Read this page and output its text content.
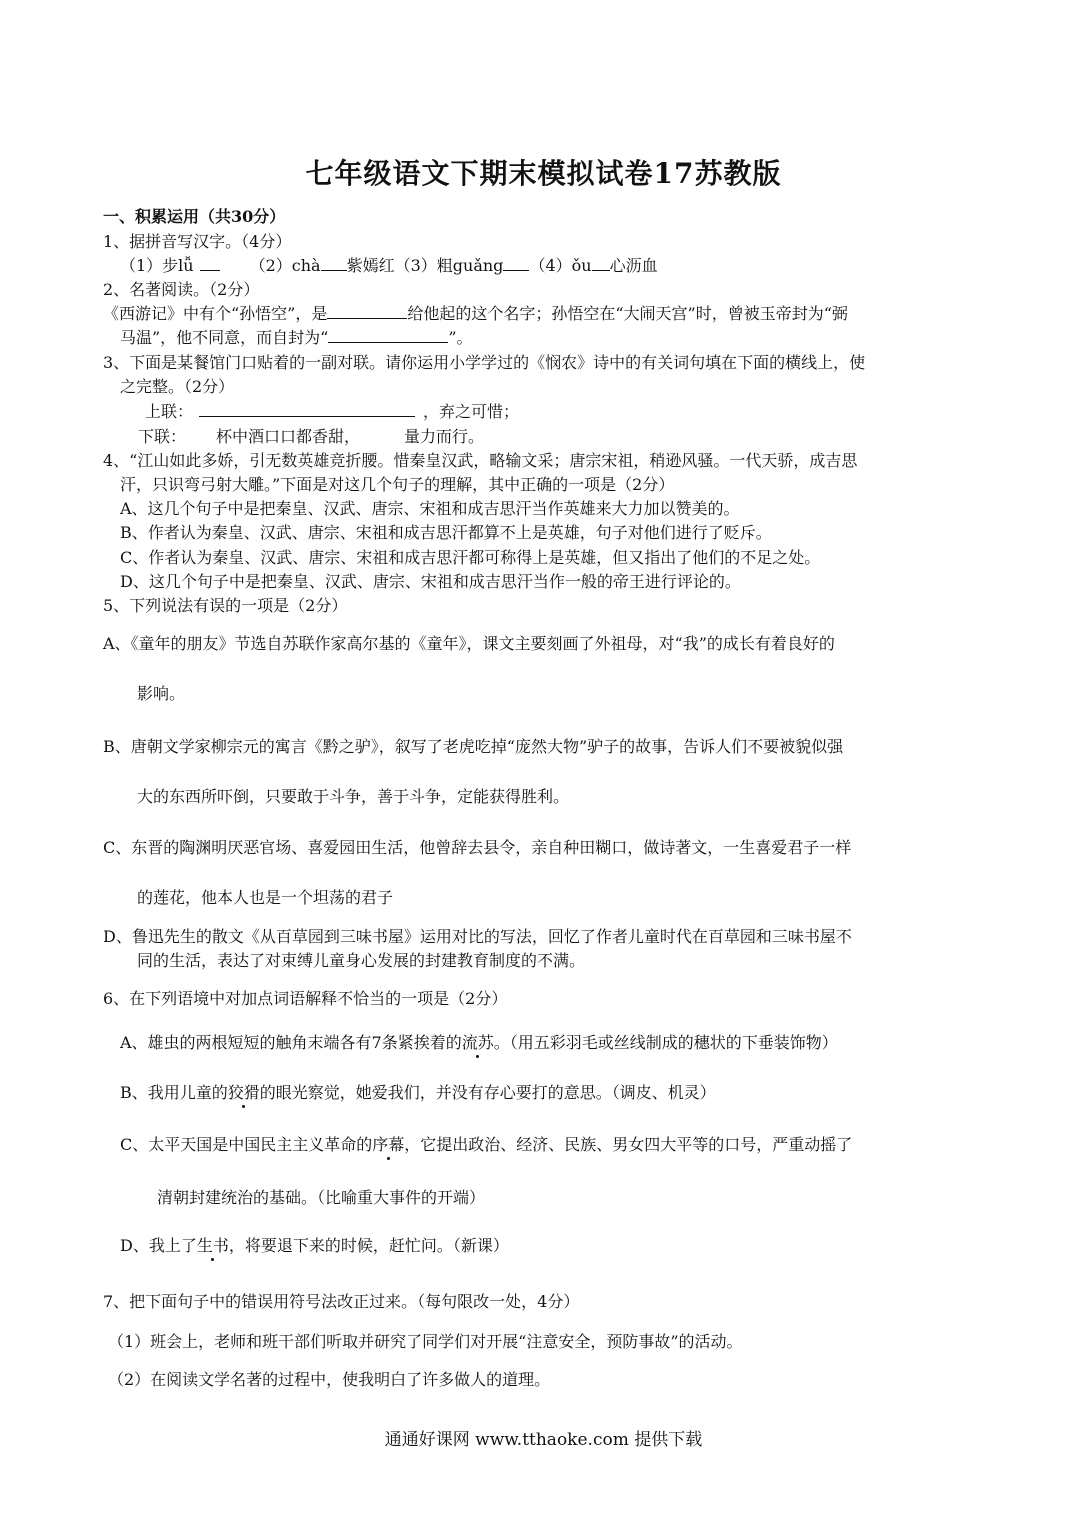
七年级语文下期末模拟试卷17苏教版
一、积累运用（共30分）
1、据拼音写汉字。（4分）
（1）步lǚ	（2）chà 紫嫣红（3）粗guǎng （4）ǒu 心沥血
2、名著阅读。（2分）
《西游记》中有个“孙悟空”，是	给他起的这个名字；孙悟空在“大闹天宫”时，曾被玉帝封为“弼
马温”，他不同意，而自封为“	”。
3、下面是某餐馆门口贴着的一副对联。请你运用小学学过的《悯农》诗中的有关词句填在下面的横线上，使
之完整。（2分）
上联：	，弃之可惜；
下联： 杯中酒口口都香甜，	量力而行。
4、“江山如此多娇，引无数英雄竞折腰。惜秦皇汉武，略输文采；唐宗宋祖，稍逊风骚。一代天骄，成吉思
汗，只识弯弓射大雕。”下面是对这几个句子的理解，其中正确的一项是（2分）
A、这几个句子中是把秦皇、汉武、唐宗、宋祖和成吉思汗当作英雄来大力加以赞美的。
B、作者认为秦皇、汉武、唐宗、宋祖和成吉思汗都算不上是英雄，句子对他们进行了贬斥。
C、作者认为秦皇、汉武、唐宗、宋祖和成吉思汗都可称得上是英雄，但又指出了他们的不足之处。
D、这几个句子中是把秦皇、汉武、唐宗、宋祖和成吉思汗当作一般的帝王进行评论的。
5、下列说法有误的一项是（2分）
A、《童年的朋友》节选自苏联作家高尔基的《童年》，课文主要刻画了外祖母，对“我”的成长有着良好的
影响。
B、唐朝文学家柳宗元的寓言《黔之驴》，叙写了老虎吃掉“庞然大物”驴子的故事，告诉人们不要被貌似强
大的东西所吓倒，只要敢于斗争，善于斗争，定能获得胜利。
C、东晋的陶渊明厌恶官场、喜爱园田生活，他曾辞去县令，亲自种田糊口，做诗著文，一生喜爱君子一样
的莲花，他本人也是一个坦荡的君子
D、鲁迅先生的散文《从百草园到三味书屋》运用对比的写法，回忆了作者儿童时代在百草园和三味书屋不
同的生活，表达了对束缚儿童身心发展的封建教育制度的不满。
6、在下列语境中对加点词语解释不恰当的一项是（2分）
A、雄虫的两根短短的触角末端各有7条紧挨着的流苏。（用五彩羽毛或丝线制成的穗状的下垂装饰物）
B、我用儿童的狡猾的眼光察觉，她爱我们，并没有存心要打的意思。（调皮、机灵）
C、太平天国是中国民主主义革命的序幕，它提出政治、经济、民族、男女四大平等的口号，严重动摇了
清朝封建统治的基础。（比喻重大事件的开端）
D、我上了生书，将要退下来的时候，赶忙问。（新课）
7、把下面句子中的错误用符号法改正过来。（每句限改一处，4分）
（1）班会上，老师和班干部们听取并研究了同学们对开展“注意安全，预防事故”的活动。
（2）在阅读文学名著的过程中，使我明白了许多做人的道理。
通通好课网 www.tthaoke.com 提供下载
